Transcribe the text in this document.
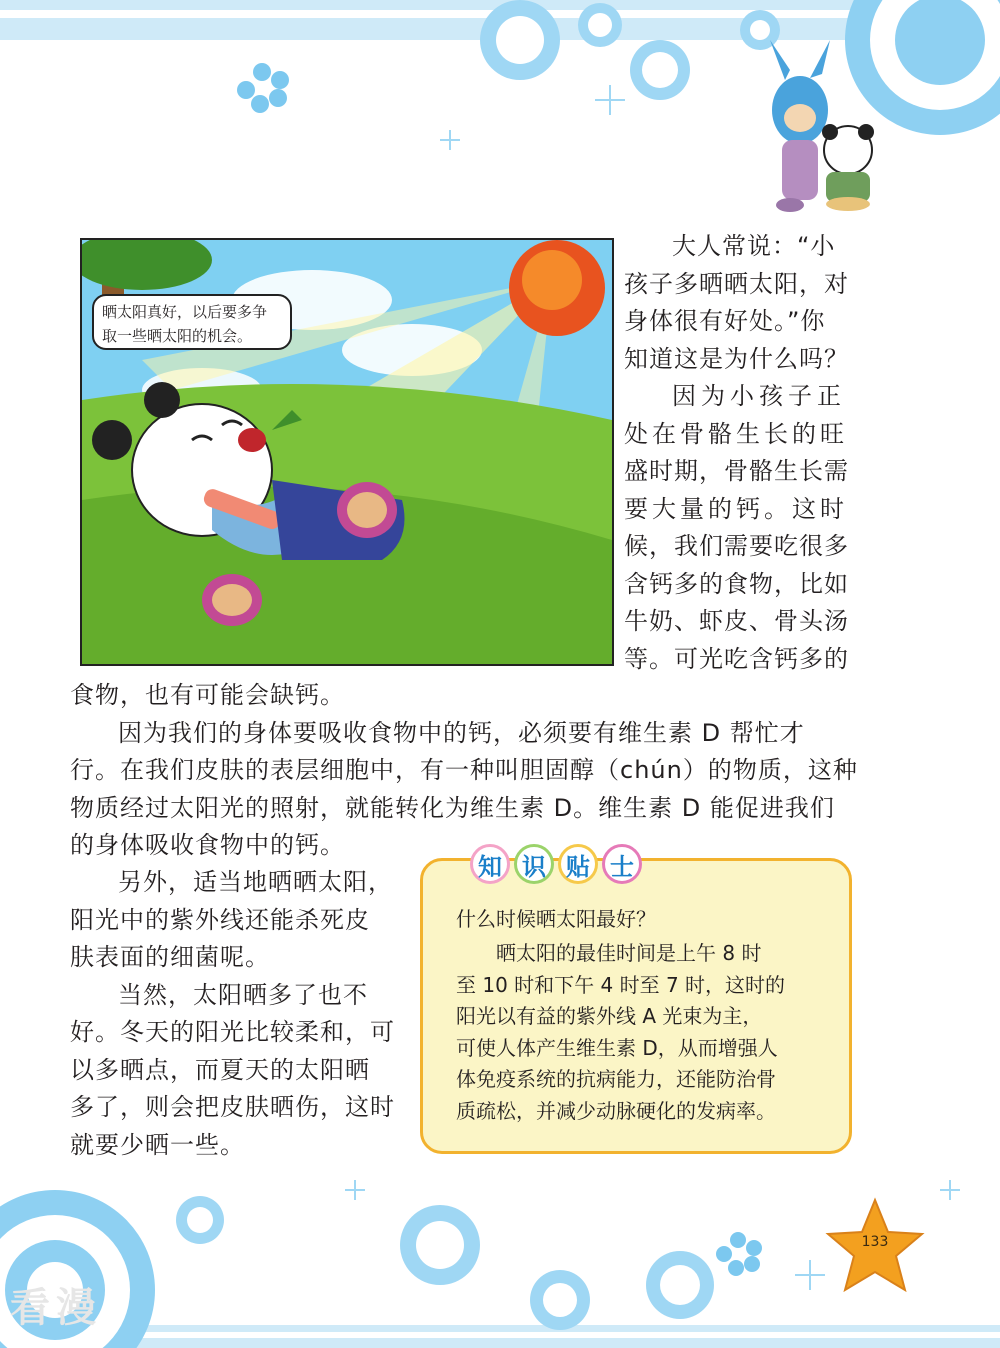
晒太阳真好，以后要多争
取一些晒太阳的机会。

大人常说：“小

孩子多晒晒太阳，对

身体很有好处。”你

知道这是为什么吗？

因为小孩子正

处在骨骼生长的旺

盛时期，骨骼生长需

要大量的钙。这时

候，我们需要吃很多

含钙多的食物，比如

牛奶、虾皮、骨头汤

等。可光吃含钙多的

食物，也有可能会缺钙。

因为我们的身体要吸收食物中的钙，必须要有维生素 D 帮忙才

行。在我们皮肤的表层细胞中，有一种叫胆固醇（chún）的物质，这种

物质经过太阳光的照射，就能转化为维生素 D。维生素 D 能促进我们

的身体吸收食物中的钙。

另外，适当地晒晒太阳，

阳光中的紫外线还能杀死皮

肤表面的细菌呢。

当然，太阳晒多了也不

好。冬天的阳光比较柔和，可

以多晒点，而夏天的太阳晒

多了，则会把皮肤晒伤，这时

就要少晒一些。

知 识 贴 士
什么时候晒太阳最好？

晒太阳的最佳时间是上午 8 时

至 10 时和下午 4 时至 7 时，这时的

阳光以有益的紫外线 A 光束为主，

可使人体产生维生素 D，从而增强人

体免疫系统的抗病能力，还能防治骨

质疏松，并减少动脉硬化的发病率。

133
看漫
